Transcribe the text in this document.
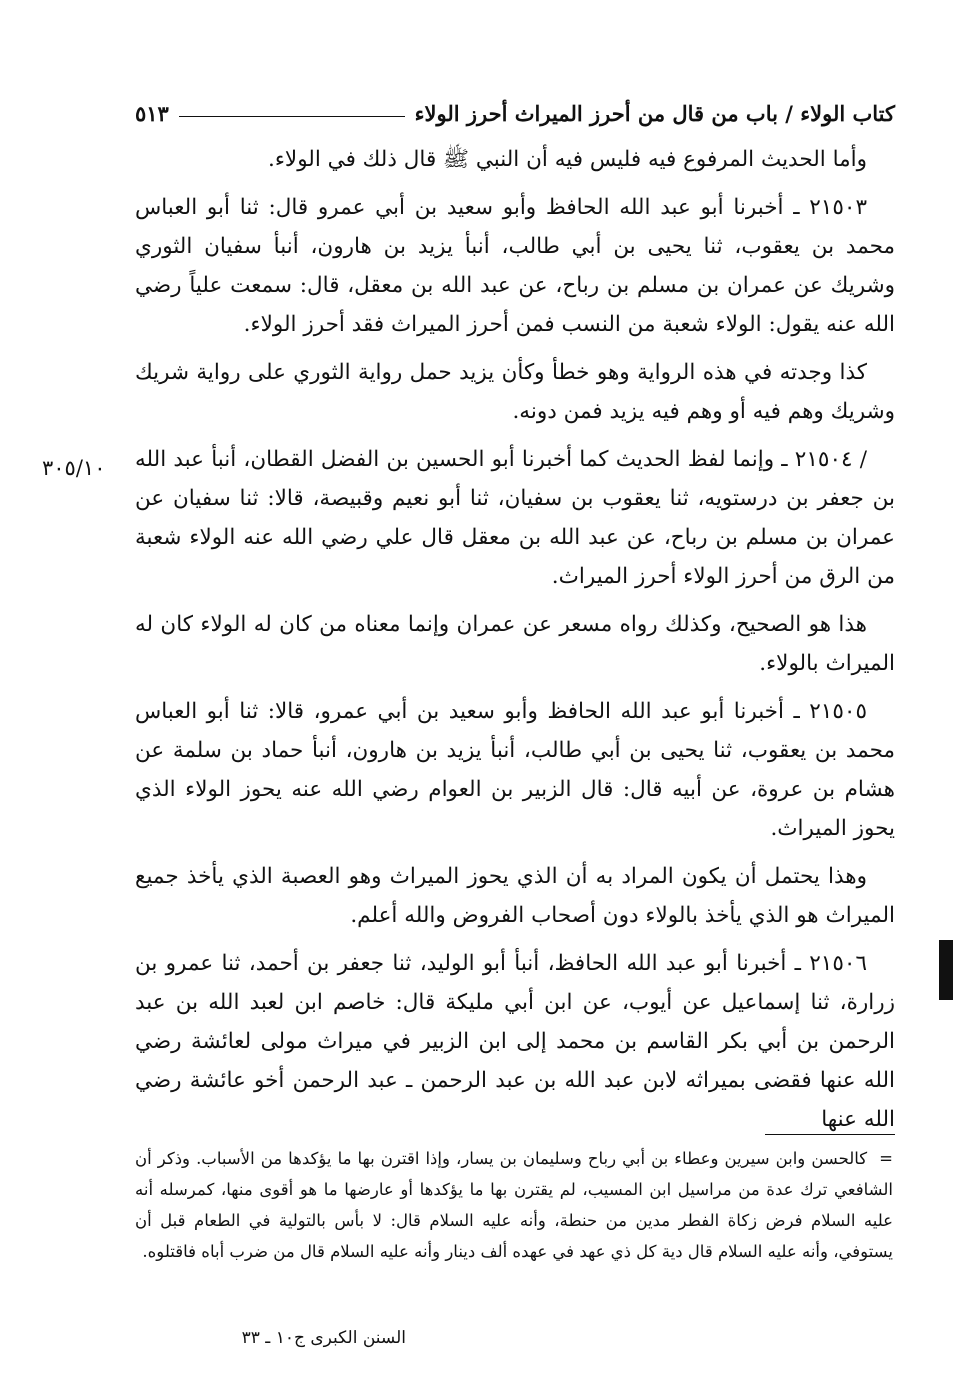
كتاب الولاء / باب من قال من أحرز الميراث أحرز الولاء
٥١٣
٣٠٥/١٠

وأما الحديث المرفوع فيه فليس فيه أن النبي ﷺ قال ذلك في الولاء.

٢١٥٠٣ ـ أخبرنا أبو عبد الله الحافظ وأبو سعيد بن أبي عمرو قال: ثنا أبو العباس محمد بن يعقوب، ثنا يحيى بن أبي طالب، أنبأ يزيد بن هارون، أنبأ سفيان الثوري وشريك عن عمران بن مسلم بن رباح، عن عبد الله بن معقل، قال: سمعت علياً رضي الله عنه يقول: الولاء شعبة من النسب فمن أحرز الميراث فقد أحرز الولاء.

كذا وجدته في هذه الرواية وهو خطأ وكأن يزيد حمل رواية الثوري على رواية شريك وشريك وهم فيه أو وهم فيه يزيد فمن دونه.

/ ٢١٥٠٤ ـ وإنما لفظ الحديث كما أخبرنا أبو الحسين بن الفضل القطان، أنبأ عبد الله بن جعفر بن درستويه، ثنا يعقوب بن سفيان، ثنا أبو نعيم وقبيصة، قالا: ثنا سفيان عن عمران بن مسلم بن رباح، عن عبد الله بن معقل قال علي رضي الله عنه الولاء شعبة من الرق من أحرز الولاء أحرز الميراث.

هذا هو الصحيح، وكذلك رواه مسعر عن عمران وإنما معناه من كان له الولاء كان له الميراث بالولاء.

٢١٥٠٥ ـ أخبرنا أبو عبد الله الحافظ وأبو سعيد بن أبي عمرو، قالا: ثنا أبو العباس محمد بن يعقوب، ثنا يحيى بن أبي طالب، أنبأ يزيد بن هارون، أنبأ حماد بن سلمة عن هشام بن عروة، عن أبيه قال: قال الزبير بن العوام رضي الله عنه يحوز الولاء الذي يحوز الميراث.

وهذا يحتمل أن يكون المراد به أن الذي يحوز الميراث وهو العصبة الذي يأخذ جميع الميراث هو الذي يأخذ بالولاء دون أصحاب الفروض والله أعلم.

٢١٥٠٦ ـ أخبرنا أبو عبد الله الحافظ، أنبأ أبو الوليد، ثنا جعفر بن أحمد، ثنا عمرو بن زرارة، ثنا إسماعيل عن أيوب، عن ابن أبي مليكة قال: خاصم ابن لعبد الله بن عبد الرحمن بن أبي بكر القاسم بن محمد إلى ابن الزبير في ميراث مولى لعائشة رضي الله عنها فقضى بميراثه لابن عبد الله بن عبد الرحمن ـ عبد الرحمن أخو عائشة رضي الله عنها

=كالحسن وابن سيرين وعطاء بن أبي رباح وسليمان بن يسار، وإذا اقترن بها ما يؤكدها من الأسباب. وذكر أن الشافعي ترك عدة من مراسيل ابن المسيب، لم يقترن بها ما يؤكدها أو عارضها ما هو أقوى منها، كمرسله أنه عليه السلام فرض زكاة الفطر مدين من حنطة، وأنه عليه السلام قال: لا بأس بالتولية في الطعام قبل أن يستوفي، وأنه عليه السلام قال دية كل ذي عهد في عهده ألف دينار وأنه عليه السلام قال من ضرب أباه فاقتلوه.
السنن الكبرى ج١٠ ـ ٣٣
